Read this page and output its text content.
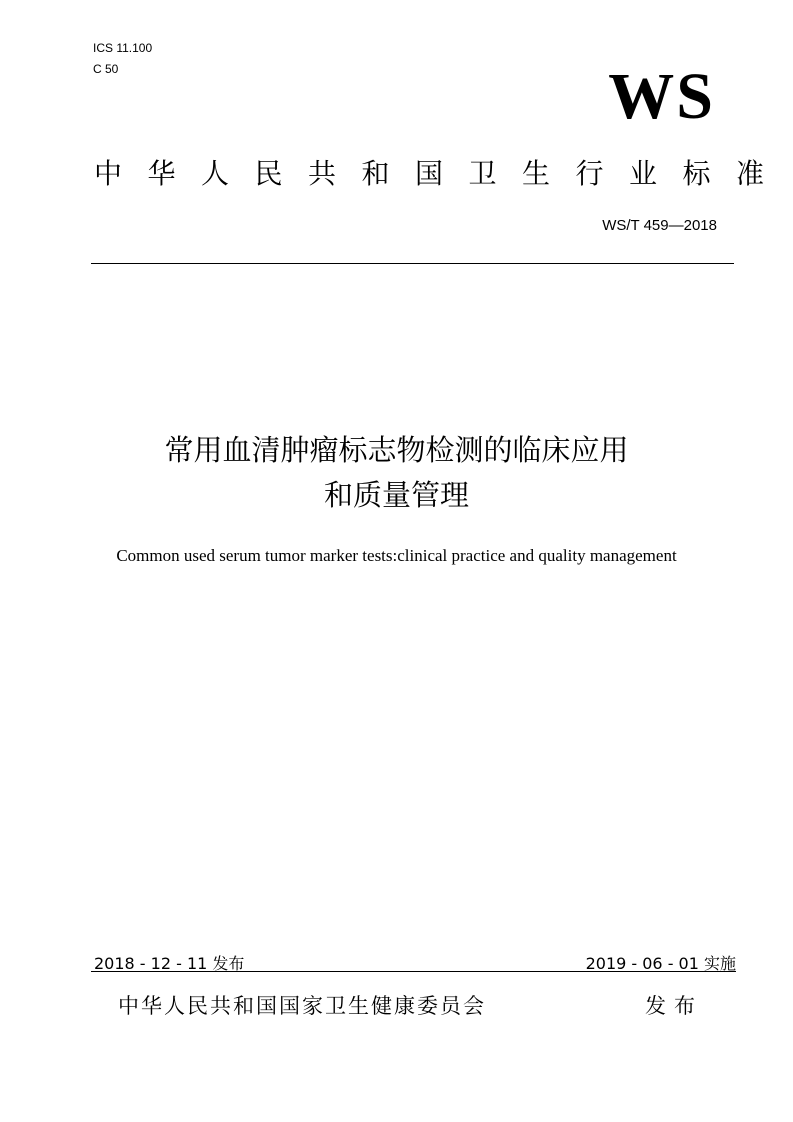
ICS 11.100
C 50	WS
中华人民共和国卫生行业标准
WS/T 459—2018
常用血清肿瘤标志物检测的临床应用
和质量管理
Common used serum tumor marker tests:clinical practice and quality management
2018 - 12 - 11 发布	2019 - 06 - 01 实施
中华人民共和国国家卫生健康委员会	发布
